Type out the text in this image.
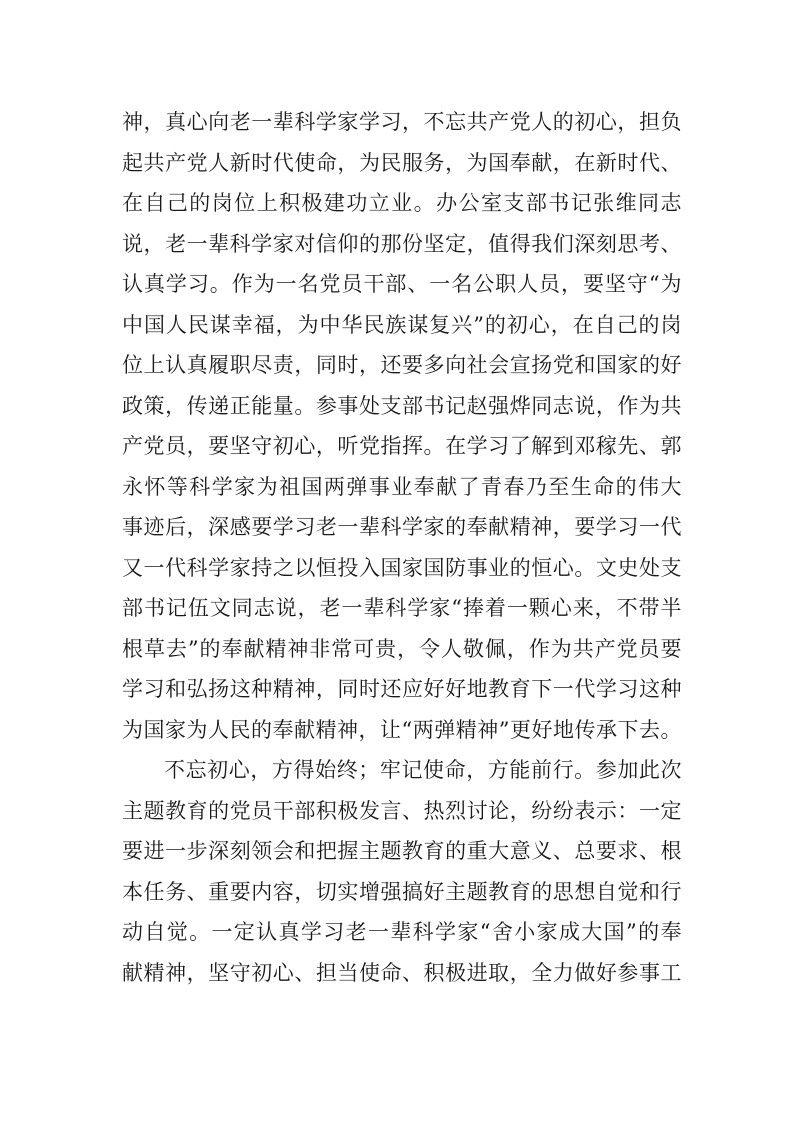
神，真心向老一辈科学家学习，不忘共产党人的初心，担负
起共产党人新时代使命，为民服务，为国奉献，在新时代、
在自己的岗位上积极建功立业。办公室支部书记张维同志
说，老一辈科学家对信仰的那份坚定，值得我们深刻思考、
认真学习。作为一名党员干部、一名公职人员，要坚守“为
中国人民谋幸福，为中华民族谋复兴”的初心，在自己的岗
位上认真履职尽责，同时，还要多向社会宣扬党和国家的好
政策，传递正能量。参事处支部书记赵强烨同志说，作为共
产党员，要坚守初心，听党指挥。在学习了解到邓稼先、郭
永怀等科学家为祖国两弹事业奉献了青春乃至生命的伟大
事迹后，深感要学习老一辈科学家的奉献精神，要学习一代
又一代科学家持之以恒投入国家国防事业的恒心。文史处支
部书记伍文同志说，老一辈科学家“捧着一颗心来，不带半
根草去”的奉献精神非常可贵，令人敬佩，作为共产党员要
学习和弘扬这种精神，同时还应好好地教育下一代学习这种
为国家为人民的奉献精神，让“两弹精神”更好地传承下去。
不忘初心，方得始终；牢记使命，方能前行。参加此次
主题教育的党员干部积极发言、热烈讨论，纷纷表示：一定
要进一步深刻领会和把握主题教育的重大意义、总要求、根
本任务、重要内容，切实增强搞好主题教育的思想自觉和行
动自觉。一定认真学习老一辈科学家“舍小家成大国”的奉
献精神，坚守初心、担当使命、积极进取，全力做好参事工
